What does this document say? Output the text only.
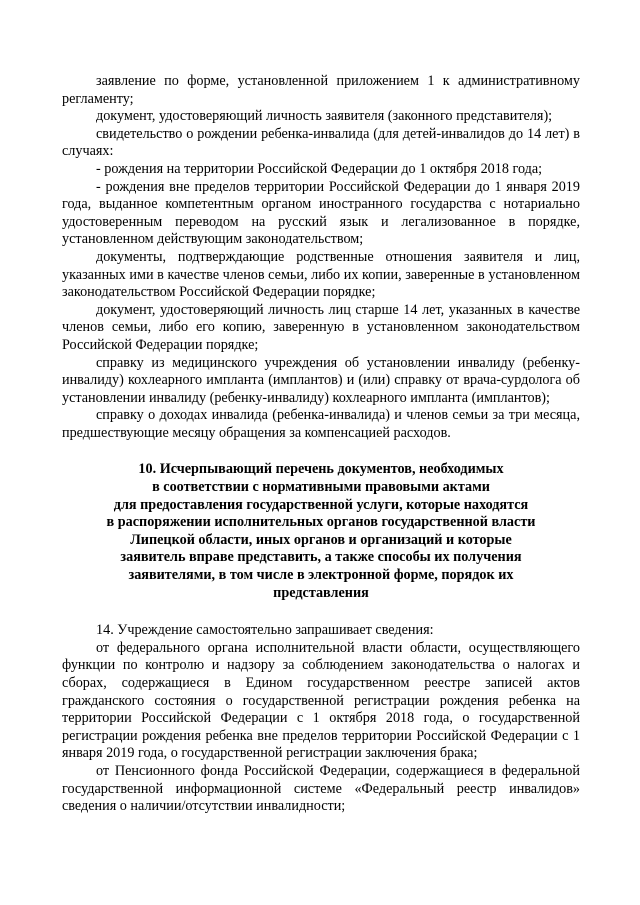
заявление по форме, установленной приложением 1 к административному регламенту;

документ, удостоверяющий личность заявителя (законного представителя);

свидетельство о рождении ребенка-инвалида (для детей-инвалидов до 14 лет) в случаях:

- рождения на территории Российской Федерации до 1 октября 2018 года;

- рождения вне пределов территории Российской Федерации до 1 января 2019 года, выданное компетентным органом иностранного государства с нотариально удостоверенным переводом на русский язык и легализованное в порядке, установленном действующим законодательством;

документы, подтверждающие родственные отношения заявителя и лиц, указанных ими в качестве членов семьи, либо их копии, заверенные в установленном законодательством Российской Федерации порядке;

документ, удостоверяющий личность лиц старше 14 лет, указанных в качестве членов семьи, либо его копию, заверенную в установленном законодательством Российской Федерации порядке;

справку из медицинского учреждения об установлении инвалиду (ребенку-инвалиду) кохлеарного импланта (имплантов) и (или) справку от врача-сурдолога об установлении инвалиду (ребенку-инвалиду) кохлеарного импланта (имплантов);

справку о доходах инвалида (ребенка-инвалида) и членов семьи за три месяца, предшествующие месяцу обращения за компенсацией расходов.

10. Исчерпывающий перечень документов, необходимых
в соответствии с нормативными правовыми актами
для предоставления государственной услуги, которые находятся
в распоряжении исполнительных органов государственной власти
Липецкой области, иных органов и организаций и которые
заявитель вправе представить, а также способы их получения
заявителями, в том числе в электронной форме, порядок их
представления

14. Учреждение самостоятельно запрашивает сведения:

от федерального органа исполнительной власти области, осуществляющего функции по контролю и надзору за соблюдением законодательства о налогах и сборах, содержащиеся в Едином государственном реестре записей актов гражданского состояния о государственной регистрации рождения ребенка на территории Российской Федерации с 1 октября 2018 года, о государственной регистрации рождения ребенка вне пределов территории Российской Федерации с 1 января 2019 года, о государственной регистрации заключения брака;

от Пенсионного фонда Российской Федерации, содержащиеся в федеральной государственной информационной системе «Федеральный реестр инвалидов» сведения о наличии/отсутствии инвалидности;
